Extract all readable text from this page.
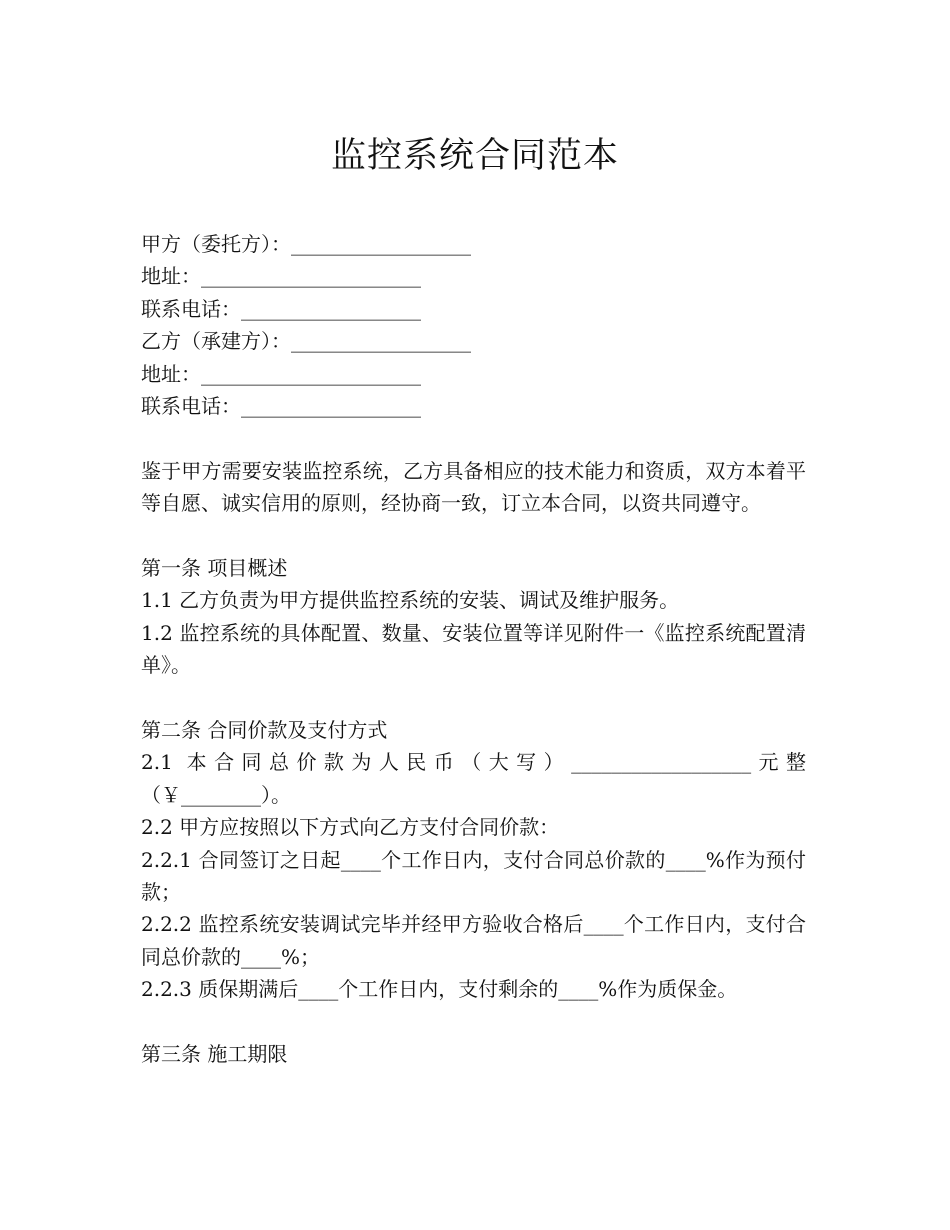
监控系统合同范本

甲方（委托方）：__________________

地址：______________________

联系电话：__________________

乙方（承建方）：__________________

地址：______________________

联系电话：__________________

鉴于甲方需要安装监控系统，乙方具备相应的技术能力和资质，双方本着平等自愿、诚实信用的原则，经协商一致，订立本合同，以资共同遵守。

第一条 项目概述

1.1 乙方负责为甲方提供监控系统的安装、调试及维护服务。

1.2 监控系统的具体配置、数量、安装位置等详见附件一《监控系统配置清单》。

第二条 合同价款及支付方式

2.1 本合同总价款为人民币（大写）__________________元整（￥________）。

2.2 甲方应按照以下方式向乙方支付合同价款：

2.2.1 合同签订之日起____个工作日内，支付合同总价款的____%作为预付款；

2.2.2 监控系统安装调试完毕并经甲方验收合格后____个工作日内，支付合同总价款的____%；

2.2.3 质保期满后____个工作日内，支付剩余的____%作为质保金。

第三条 施工期限
